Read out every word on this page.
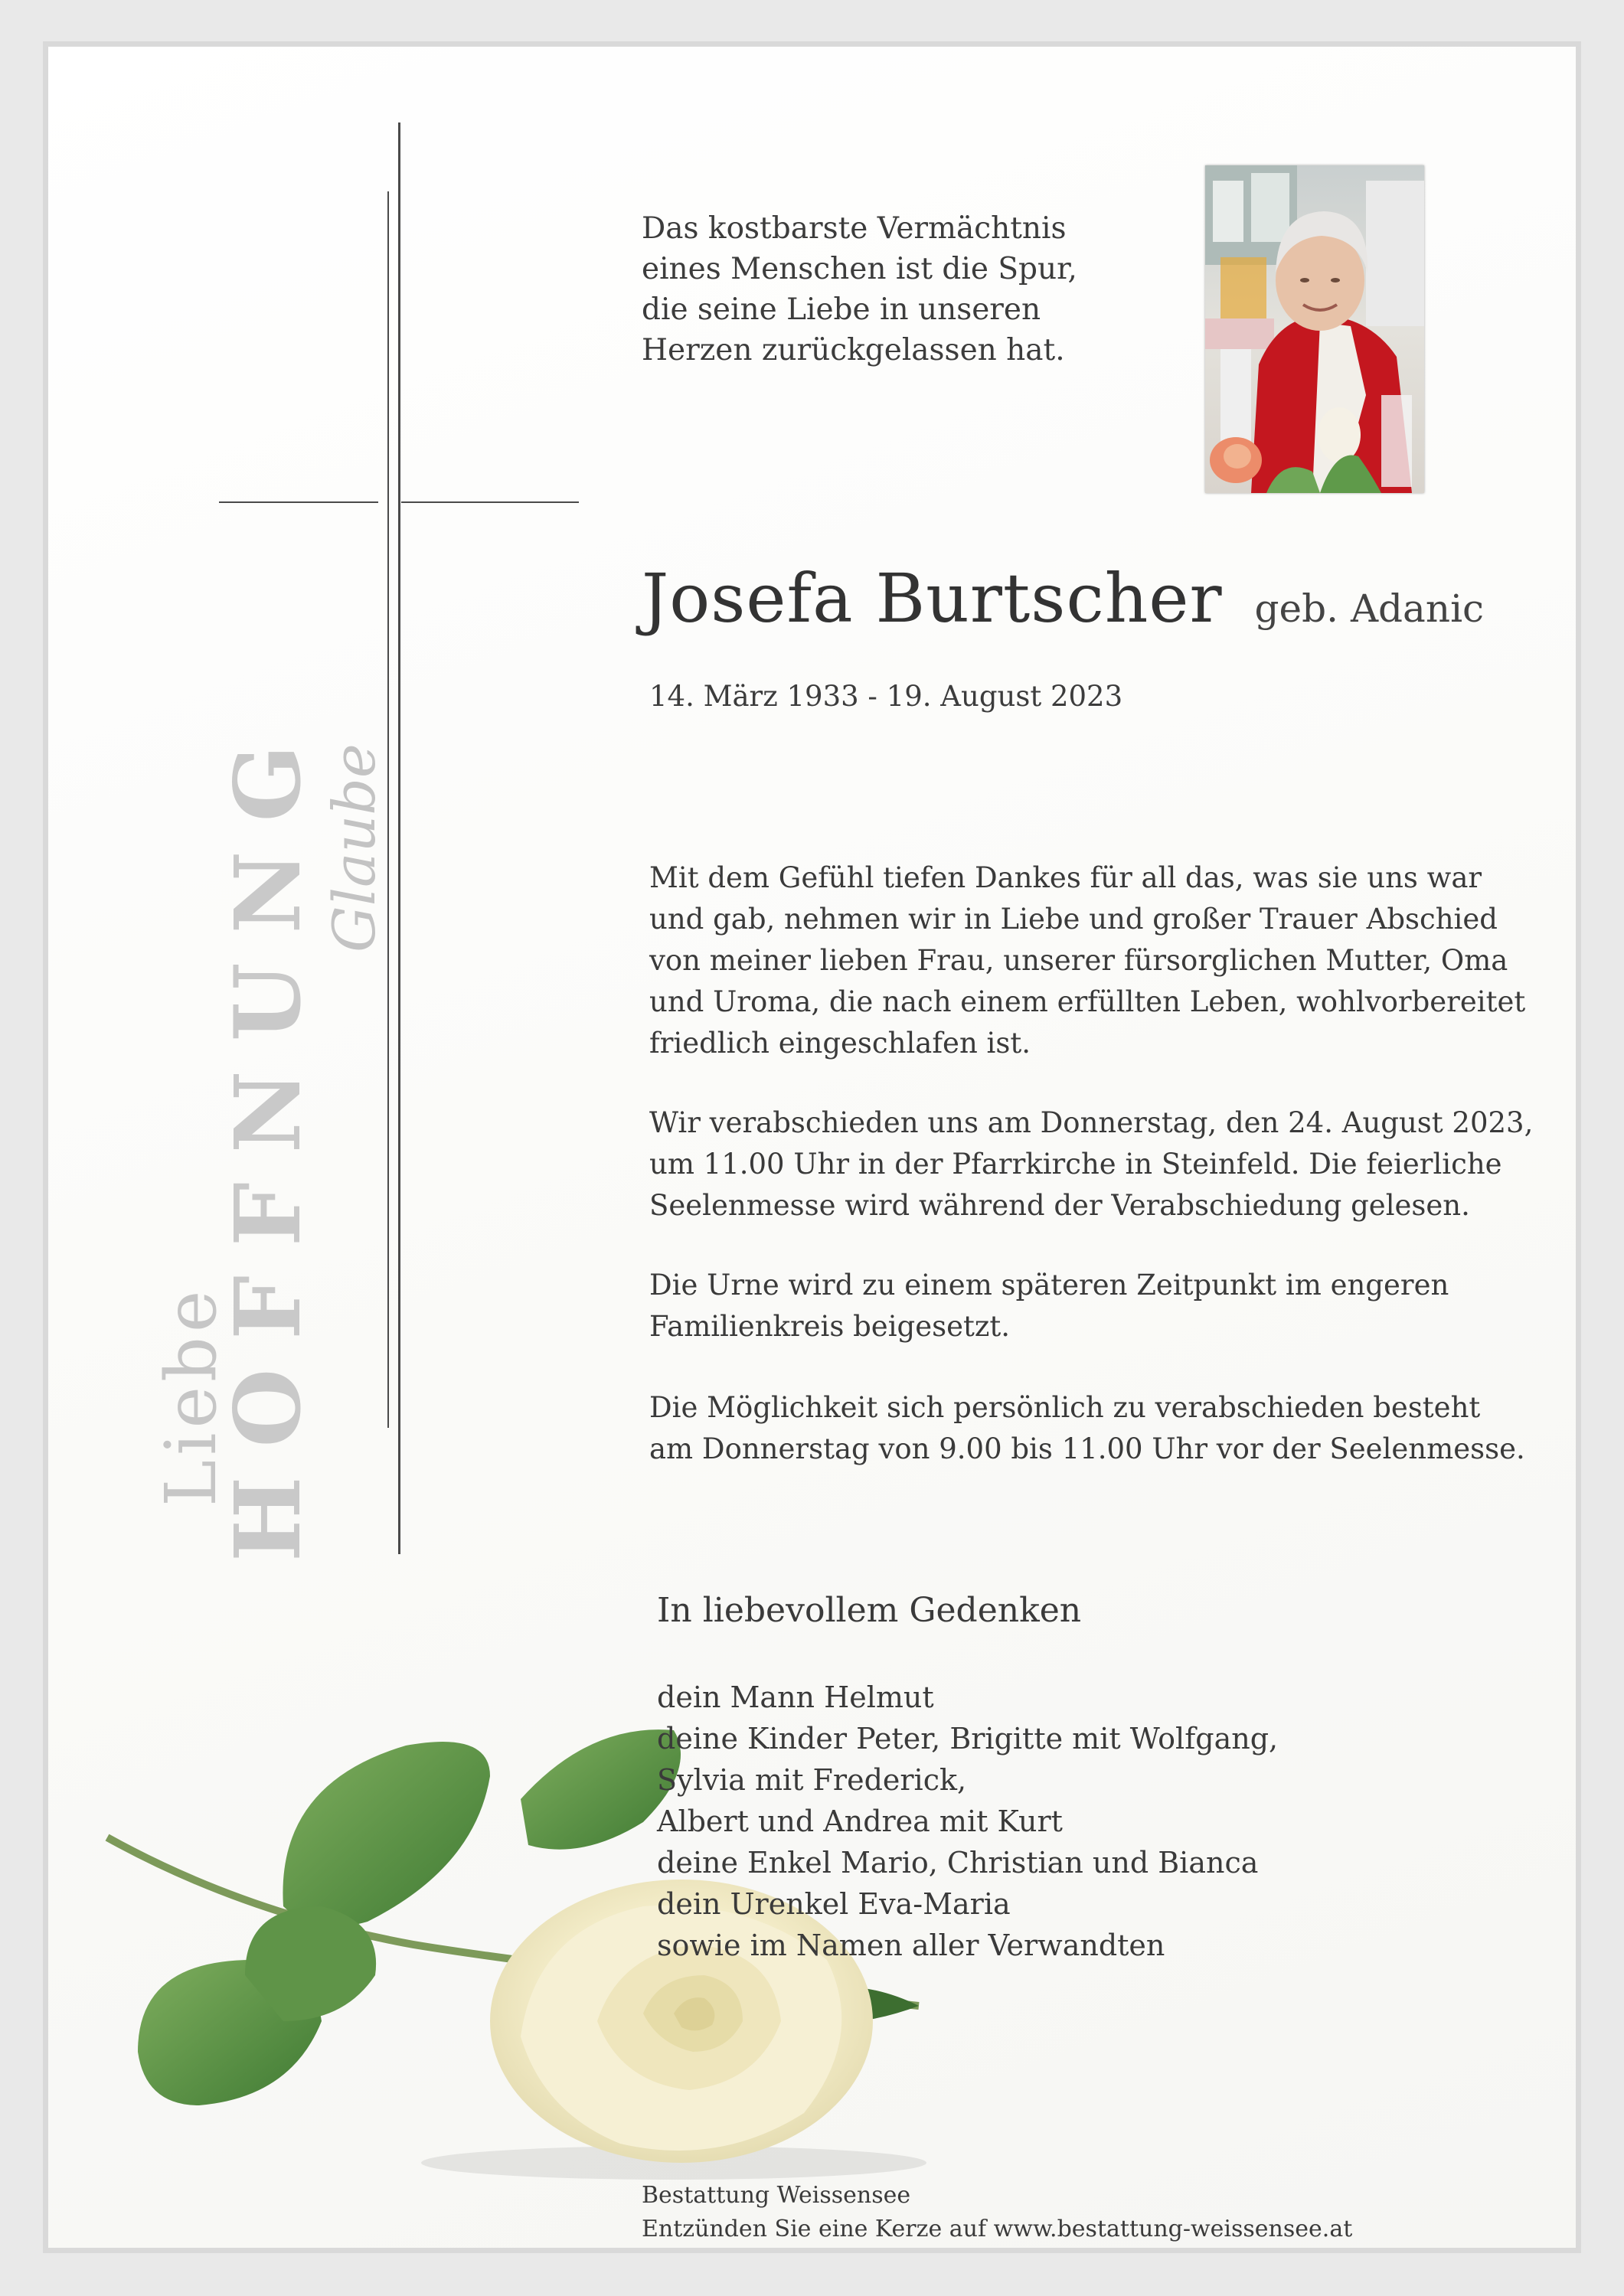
HOFFNUNG
Liebe
Glaube
Das kostbarste Vermächtnis
eines Menschen ist die Spur,
die seine Liebe in unseren
Herzen zurückgelassen hat.
Josefa Burtscher geb. Adanic
14. März 1933 - 19. August 2023
Mit dem Gefühl tiefen Dankes für all das, was sie uns war
und gab, nehmen wir in Liebe und großer Trauer Abschied
von meiner lieben Frau, unserer fürsorglichen Mutter, Oma
und Uroma, die nach einem erfüllten Leben, wohlvorbereitet
friedlich eingeschlafen ist.
Wir verabschieden uns am Donnerstag, den 24. August 2023,
um 11.00 Uhr in der Pfarrkirche in Steinfeld. Die feierliche
Seelenmesse wird während der Verabschiedung gelesen.
Die Urne wird zu einem späteren Zeitpunkt im engeren
Familienkreis beigesetzt.
Die Möglichkeit sich persönlich zu verabschieden besteht
am Donnerstag von 9.00 bis 11.00 Uhr vor der Seelenmesse.
In liebevollem Gedenken
dein Mann Helmut
deine Kinder Peter, Brigitte mit Wolfgang,
Sylvia mit Frederick,
Albert und Andrea mit Kurt
deine Enkel Mario, Christian und Bianca
dein Urenkel Eva-Maria
sowie im Namen aller Verwandten
Bestattung Weissensee
Entzünden Sie eine Kerze auf www.bestattung-weissensee.at
